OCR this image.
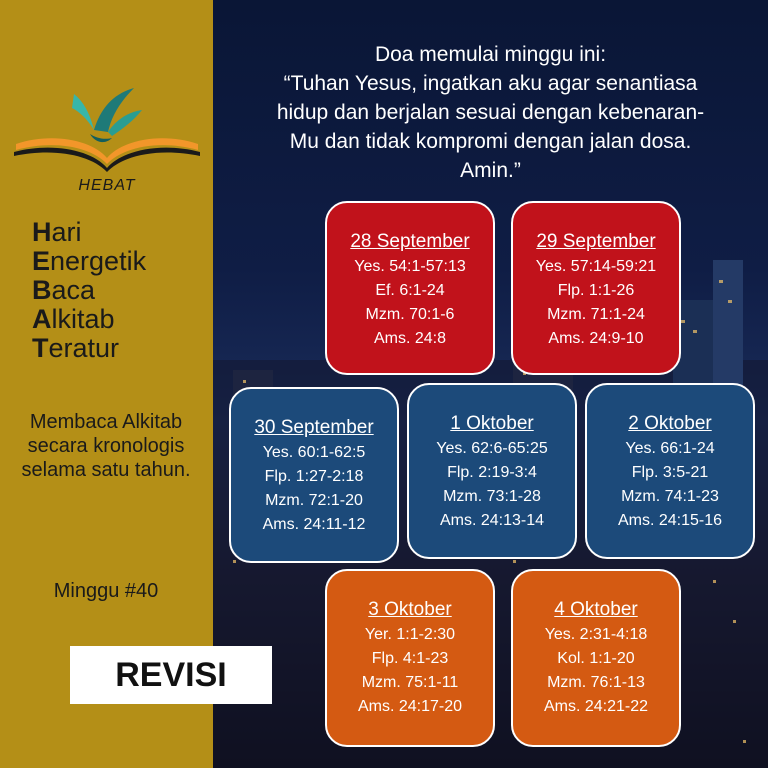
HEBAT
Hari
Energetik
Baca
Alkitab
Teratur
Membaca Alkitab secara kronologis selama satu tahun.
Minggu #40
REVISI
Doa memulai minggu ini:
“Tuhan Yesus, ingatkan aku agar senantiasa
hidup dan berjalan sesuai dengan kebenaran-
Mu dan tidak kompromi dengan jalan dosa.
Amin.”
28 September
Yes. 54:1-57:13
Ef. 6:1-24
Mzm. 70:1-6
Ams. 24:8
29 September
Yes. 57:14-59:21
Flp. 1:1-26
Mzm. 71:1-24
Ams. 24:9-10
30 September
Yes. 60:1-62:5
Flp. 1:27-2:18
Mzm. 72:1-20
Ams. 24:11-12
1 Oktober
Yes. 62:6-65:25
Flp. 2:19-3:4
Mzm. 73:1-28
Ams. 24:13-14
2 Oktober
Yes. 66:1-24
Flp. 3:5-21
Mzm. 74:1-23
Ams. 24:15-16
3 Oktober
Yer. 1:1-2:30
Flp. 4:1-23
Mzm. 75:1-11
Ams. 24:17-20
4 Oktober
Yes. 2:31-4:18
Kol. 1:1-20
Mzm. 76:1-13
Ams. 24:21-22
